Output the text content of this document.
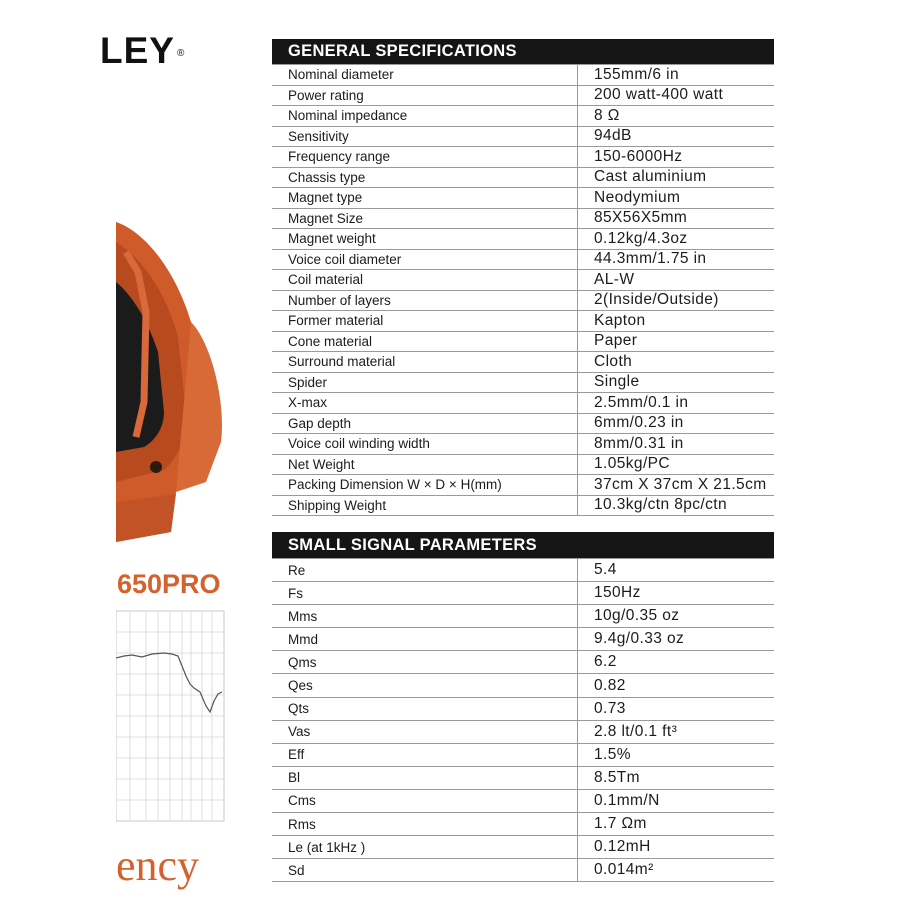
LEY ®
650PRO
ency
GENERAL SPECIFICATIONS
Nominal diameter	155mm/6 in
Power rating	200 watt-400 watt
Nominal impedance	8 Ω
Sensitivity	94dB
Frequency range	150-6000Hz
Chassis type	Cast aluminium
Magnet type	Neodymium
Magnet Size	85X56X5mm
Magnet weight	0.12kg/4.3oz
Voice coil diameter	44.3mm/1.75 in
Coil material	AL-W
Number of layers	2(Inside/Outside)
Former material	Kapton
Cone material	Paper
Surround material	Cloth
Spider	Single
X-max	2.5mm/0.1 in
Gap depth	6mm/0.23 in
Voice coil winding width	8mm/0.31 in
Net Weight	1.05kg/PC
Packing Dimension W × D × H(mm)	37cm X 37cm X 21.5cm
Shipping Weight	10.3kg/ctn 8pc/ctn
SMALL SIGNAL PARAMETERS
Re	5.4
Fs	150Hz
Mms	10g/0.35 oz
Mmd	9.4g/0.33 oz
Qms	6.2
Qes	0.82
Qts	0.73
Vas	2.8 lt/0.1 ft³
Eff	1.5%
Bl	8.5Tm
Cms	0.1mm/N
Rms	1.7 Ωm
Le (at 1kHz )	0.12mH
Sd	0.014m²
